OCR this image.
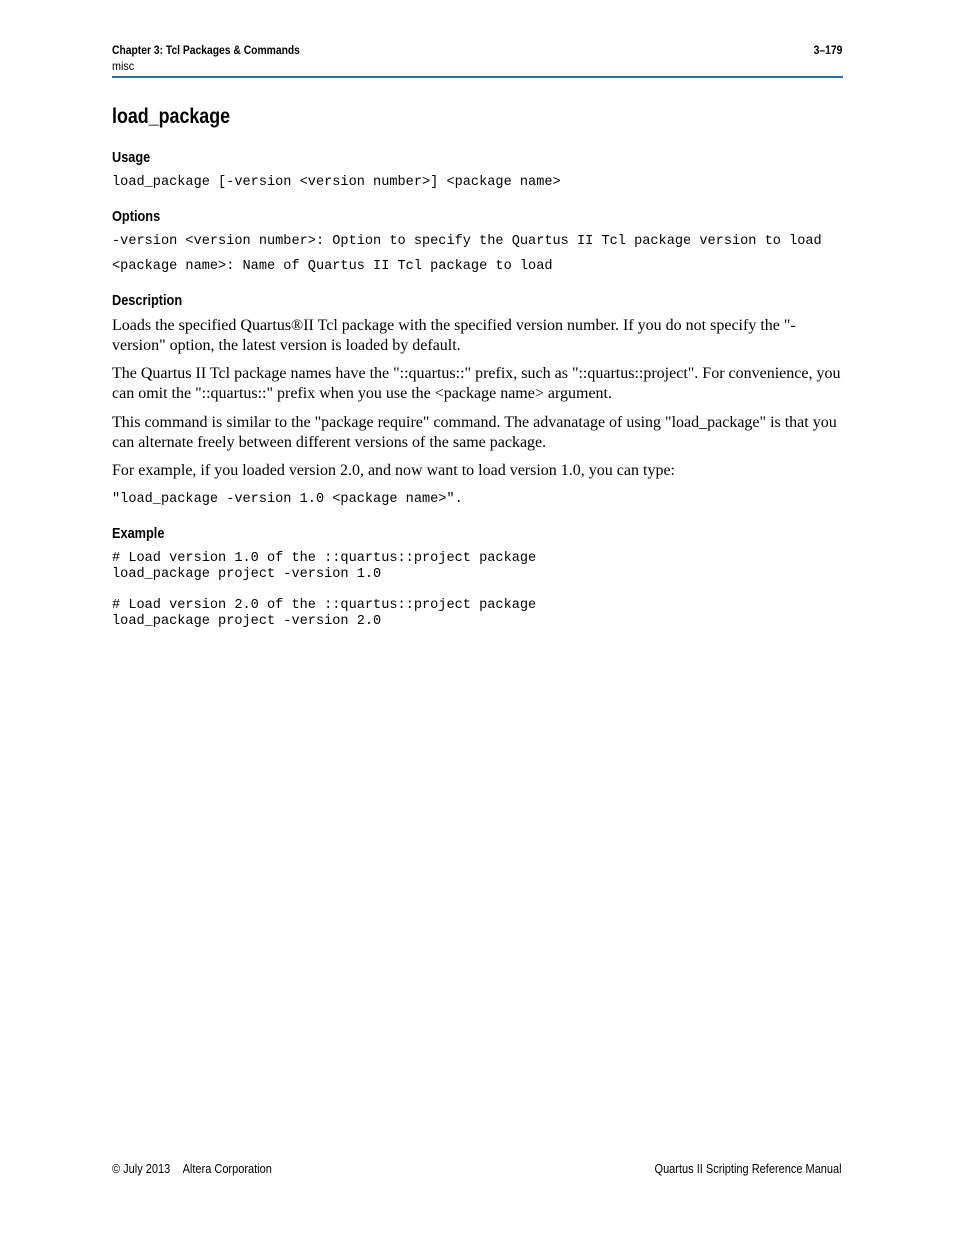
Chapter 3: Tcl Packages & Commands	3–179
misc
load_package
Usage
load_package [-version <version number>] <package name>
Options
-version <version number>: Option to specify the Quartus II Tcl package version to load
<package name>: Name of Quartus II Tcl package to load
Description
Loads the specified Quartus®II Tcl package with the specified version number. If you do not specify the "-version" option, the latest version is loaded by default.
The Quartus II Tcl package names have the "::quartus::" prefix, such as "::quartus::project". For convenience, you can omit the "::quartus::" prefix when you use the <package name> argument.
This command is similar to the "package require" command. The advanatage of using "load_package" is that you can alternate freely between different versions of the same package.
For example, if you loaded version 2.0, and now want to load version 1.0, you can type:
"load_package -version 1.0 <package name>".
Example
# Load version 1.0 of the ::quartus::project package
load_package project -version 1.0
# Load version 2.0 of the ::quartus::project package
load_package project -version 2.0
© July 2013 Altera Corporation	Quartus II Scripting Reference Manual
